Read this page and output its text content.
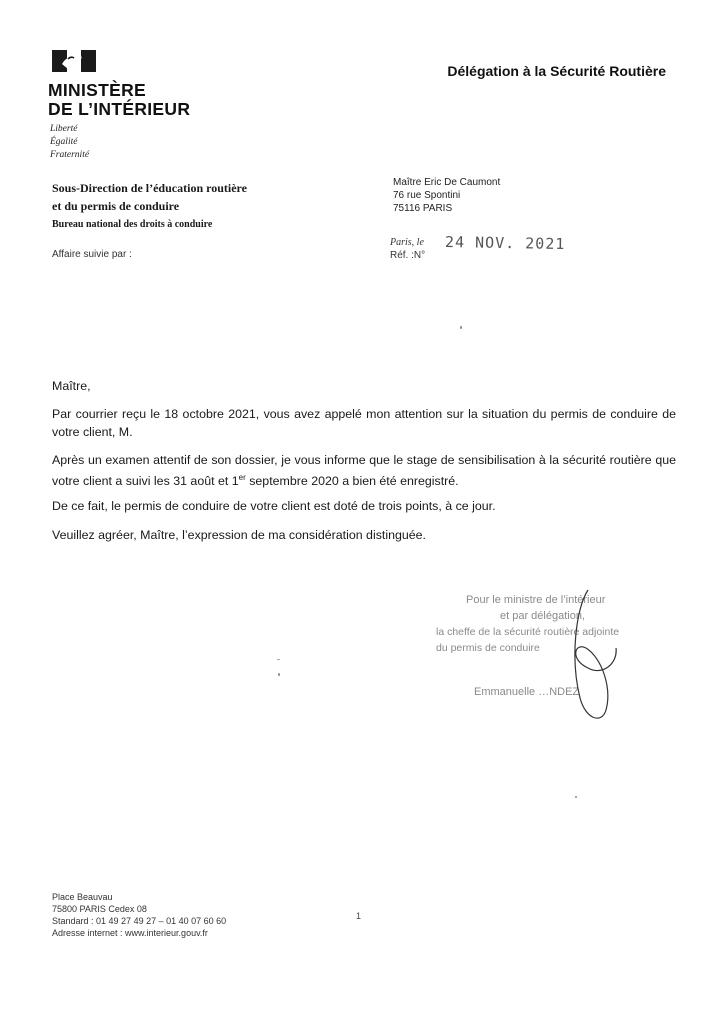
MINISTÈRE
DE L’INTÉRIEUR
Liberté
Égalité
Fraternité
Délégation à la Sécurité Routière
Sous-Direction de l’éducation routière
et du permis de conduire
Bureau national des droits à conduire
Affaire suivie par :
Maître Eric De Caumont
76 rue Spontini
75116 PARIS
Paris, le 24 NOV. 2021
Réf. :N°
Maître,
Par courrier reçu le 18 octobre 2021, vous avez appelé mon attention sur la situation du permis de conduire de votre client, M.
Après un examen attentif de son dossier, je vous informe que le stage de sensibilisation à la sécurité routière que votre client a suivi les 31 août et 1er septembre 2020 a bien été enregistré.
De ce fait, le permis de conduire de votre client est doté de trois points, à ce jour.
Veuillez agréer, Maître, l’expression de ma considération distinguée.
Pour le ministre de l’intérieur
et par délégation,
la cheffe de la sécurité routière adjointe
du permis de conduire
Emmanuelle …NDEZ
Place Beauvau
75800 PARIS Cedex 08
Standard : 01 49 27 49 27 – 01 40 07 60 60
Adresse internet : www.interieur.gouv.fr
1
